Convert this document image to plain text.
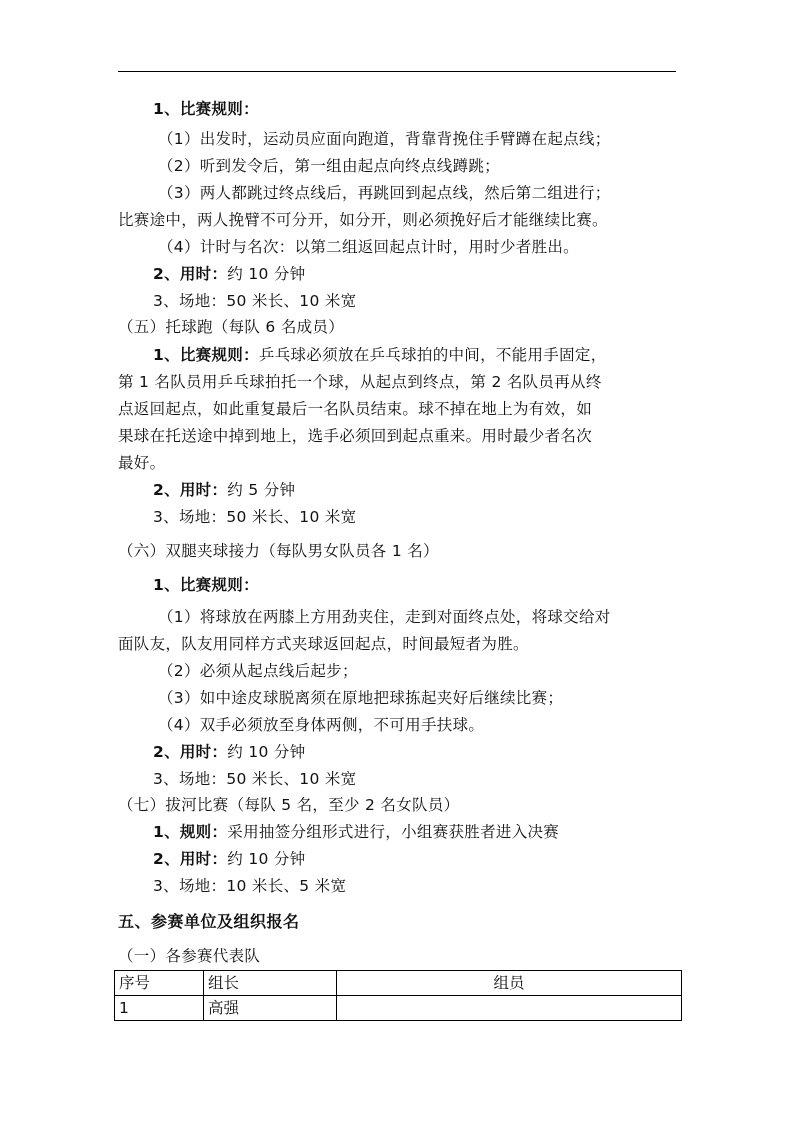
1、比赛规则：
（1）出发时，运动员应面向跑道，背靠背挽住手臂蹲在起点线；
（2）听到发令后，第一组由起点向终点线蹲跳；
（3）两人都跳过终点线后，再跳回到起点线，然后第二组进行；
比赛途中，两人挽臂不可分开，如分开，则必须挽好后才能继续比赛。
（4）计时与名次：以第二组返回起点计时，用时少者胜出。
2、用时：约 10 分钟
3、场地：50 米长、10 米宽
（五）托球跑（每队 6 名成员）
1、比赛规则：乒乓球必须放在乒乓球拍的中间，不能用手固定，
第 1 名队员用乒乓球拍托一个球，从起点到终点，第 2 名队员再从终
点返回起点，如此重复最后一名队员结束。球不掉在地上为有效，如
果球在托送途中掉到地上，选手必须回到起点重来。用时最少者名次
最好。
2、用时：约 5 分钟
3、场地：50 米长、10 米宽
（六）双腿夹球接力（每队男女队员各 1 名）
1、比赛规则：
（1）将球放在两膝上方用劲夹住，走到对面终点处，将球交给对
面队友，队友用同样方式夹球返回起点，时间最短者为胜。
（2）必须从起点线后起步；
（3）如中途皮球脱离须在原地把球拣起夹好后继续比赛；
（4）双手必须放至身体两侧，不可用手扶球。
2、用时：约 10 分钟
3、场地：50 米长、10 米宽
（七）拔河比赛（每队 5 名，至少 2 名女队员）
1、规则：采用抽签分组形式进行，小组赛获胜者进入决赛
2、用时：约 10 分钟
3、场地：10 米长、5 米宽
五、参赛单位及组织报名
（一）各参赛代表队
序号	组长	组员
1	高强	
